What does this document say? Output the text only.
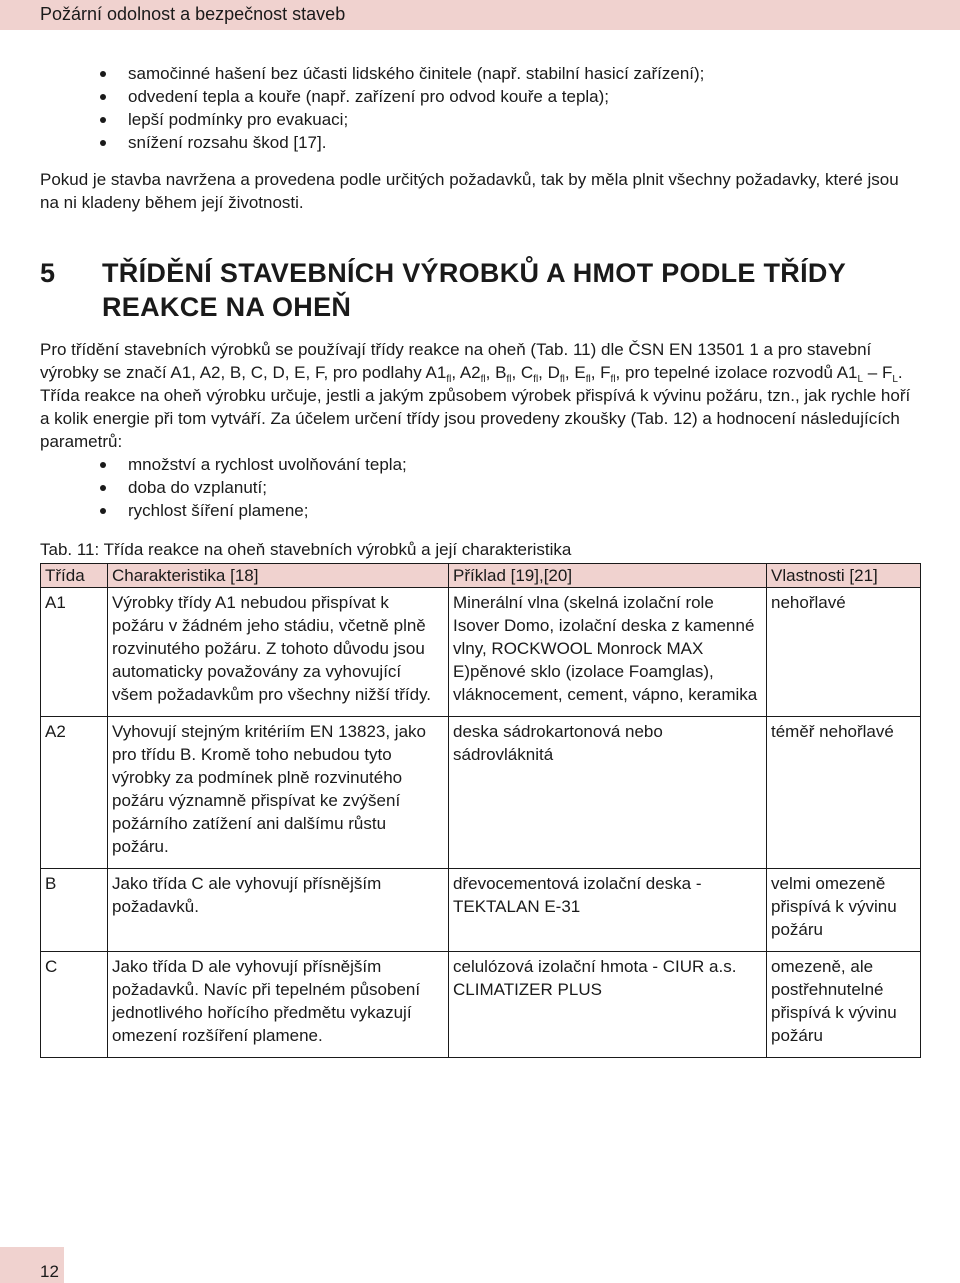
Požární odolnost a bezpečnost staveb
samočinné hašení bez účasti lidského činitele (např. stabilní hasicí zařízení);
odvedení tepla a kouře (např. zařízení pro odvod kouře a tepla);
lepší podmínky pro evakuaci;
snížení rozsahu škod [17].

Pokud je stavba navržena a provedena podle určitých požadavků, tak by měla plnit všechny požadavky, které jsou na ni kladeny během její životnosti.

5	TŘÍDĚNÍ STAVEBNÍCH VÝROBKŮ A HMOT PODLE TŘÍDY REAKCE NA OHEŇ

Pro třídění stavebních výrobků se používají třídy reakce na oheň (Tab. 11) dle ČSN EN 13501 1 a pro stavební výrobky se značí A1, A2, B, C, D, E, F, pro podlahy $A1_{fl}$, $A2_{fl}$, $B_{fl}$, $C_{fl}$, $D_{fl}$, $E_{fl}$, $F_{fl}$, pro tepelné izolace rozvodů $A1_L - F_L$. Třída reakce na oheň výrobku určuje, jestli a jakým způsobem výrobek přispívá k vývinu požáru, tzn., jak rychle hoří a kolik energie při tom vytváří. Za účelem určení třídy jsou provedeny zkoušky (Tab. 12) a hodnocení následujících parametrů:

množství a rychlost uvolňování tepla;
doba do vzplanutí;
rychlost šíření plamene;
Tab. 11: Třída reakce na oheň stavebních výrobků a její charakteristika
Třída	Charakteristika [18]	Příklad [19],[20]	Vlastnosti [21]
A1	Výrobky třídy A1 nebudou přispívat k požáru v žádném jeho stádiu, včetně plně rozvinutého požáru. Z tohoto důvodu jsou automaticky považovány za vyhovující všem požadavkům pro všechny nižší třídy.	Minerální vlna (skelná izolační role Isover Domo, izolační deska z kamenné vlny, ROCKWOOL Monrock MAX E)pěnové sklo (izolace Foamglas), vláknocement, cement, vápno, keramika	nehořlavé
A2	Vyhovují stejným kritériím EN 13823, jako pro třídu B. Kromě toho nebudou tyto výrobky za podmínek plně rozvinutého požáru významně přispívat ke zvýšení požárního zatížení ani dalšímu růstu požáru.	deska sádrokartonová nebo sádrovláknitá	téměř nehořlavé
B	Jako třída C ale vyhovují přísnějším požadavků.	dřevocementová izolační deska - TEKTALAN E-31	velmi omezeně přispívá k vývinu požáru
C	Jako třída D ale vyhovují přísnějším požadavků. Navíc při tepelném působení jednotlivého hořícího předmětu vykazují omezení rozšíření plamene.	celulózová izolační hmota - CIUR a.s. CLIMATIZER PLUS	omezeně, ale postřehnutelné přispívá k vývinu požáru
12
